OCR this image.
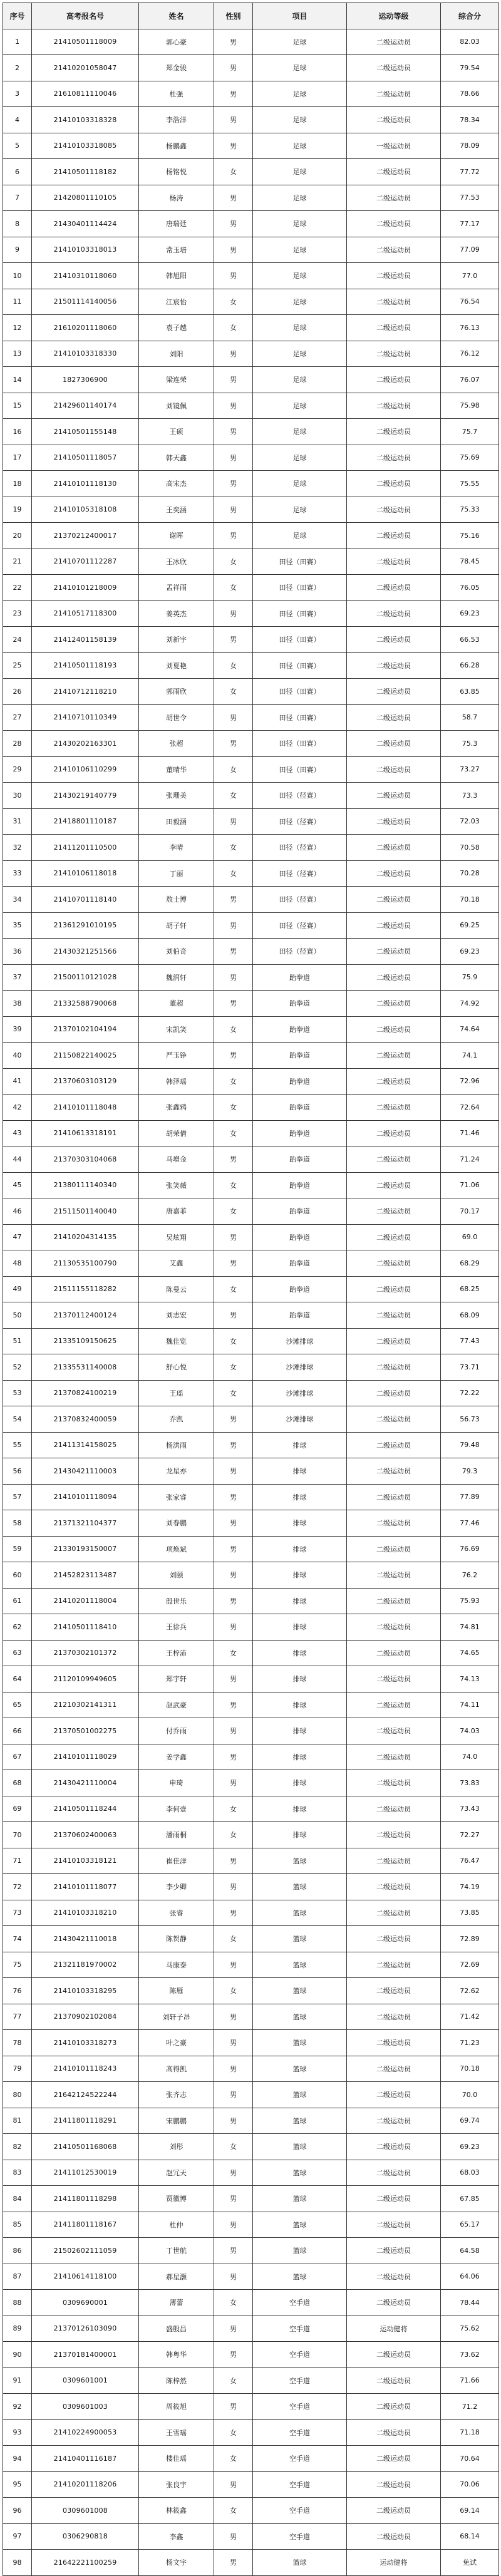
序号	高考报名号	姓名	性别	项目	运动等级	综合分
1	21410501118009	郭心豪	男	足球	二级运动员	82.03
2	21410201058047	郑金骏	男	足球	二级运动员	79.54
3	21610811110046	杜强	男	足球	二级运动员	78.66
4	21410103318328	李浩洋	男	足球	二级运动员	78.34
5	21410103318085	杨鹏鑫	男	足球	一级运动员	78.09
6	21410501118182	杨铭悦	女	足球	二级运动员	77.72
7	21420801110105	杨涛	男	足球	二级运动员	77.53
8	21430401114424	唐瑞廷	男	足球	二级运动员	77.17
9	21410103318013	常玉培	男	足球	二级运动员	77.09
10	21410310118060	韩旭阳	男	足球	二级运动员	77.0
11	21501114140056	江宸怡	女	足球	二级运动员	76.54
12	21610201118060	袁子越	女	足球	二级运动员	76.13
13	21410103318330	刘阳	男	足球	二级运动员	76.12
14	1827306900	梁连荣	男	足球	二级运动员	76.07
15	21429601140174	刘镜佩	男	足球	二级运动员	75.98
16	21410501155148	王硕	男	足球	二级运动员	75.7
17	21410501118057	韩天鑫	男	足球	二级运动员	75.69
18	21410101118130	高宋杰	男	足球	二级运动员	75.55
19	21410105318108	王奕涵	男	足球	二级运动员	75.33
20	21370212400017	谢晖	男	足球	二级运动员	75.16
21	21410701112287	王冰欣	女	田径（田赛）	二级运动员	78.45
22	21410101218009	孟祥雨	女	田径（田赛）	二级运动员	76.05
23	21410517118300	姜英杰	男	田径（田赛）	二级运动员	69.23
24	21412401158139	刘新宇	男	田径（田赛）	二级运动员	66.53
25	21410501118193	刘夏艳	女	田径（田赛）	二级运动员	66.28
26	21410712118210	郭雨欣	女	田径（田赛）	二级运动员	63.85
27	21410710110349	胡世令	男	田径（田赛）	二级运动员	58.7
28	21430202163301	张超	男	田径（田赛）	二级运动员	75.3
29	21410106110299	董晴华	女	田径（田赛）	二级运动员	73.27
30	21430219140779	张珊美	女	田径（径赛）	二级运动员	73.3
31	21418801110187	田毅涵	男	田径（径赛）	二级运动员	72.03
32	21411201110500	李晴	女	田径（径赛）	二级运动员	70.58
33	21410106118018	丁丽	女	田径（径赛）	二级运动员	70.28
34	21410701118140	敖士博	男	田径（径赛）	二级运动员	70.18
35	21361291010195	胡子轩	男	田径（径赛）	二级运动员	69.25
36	21430321251566	刘伯奇	男	田径（径赛）	二级运动员	69.23
37	21500110121028	魏润轩	男	跆拳道	二级运动员	75.9
38	21332588790068	董超	男	跆拳道	二级运动员	74.92
39	21370102104194	宋凯笑	女	跆拳道	二级运动员	74.64
40	21150822140025	严玉铮	男	跆拳道	二级运动员	74.1
41	21370603103129	韩泽瑶	女	跆拳道	二级运动员	72.96
42	21410101118048	张鑫鸦	女	跆拳道	二级运动员	72.64
43	21410613318191	胡荣倩	女	跆拳道	二级运动员	71.46
44	21370303104068	马增金	男	跆拳道	二级运动员	71.24
45	21380111140340	张笑薇	女	跆拳道	二级运动员	71.06
46	21511501140040	唐嘉菲	女	跆拳道	二级运动员	70.17
47	21410204314135	吴炫翔	男	跆拳道	二级运动员	69.0
48	21130535100790	艾鑫	男	跆拳道	二级运动员	68.29
49	21511155118282	陈曼云	女	跆拳道	二级运动员	68.25
50	21370112400124	刘志宏	男	跆拳道	二级运动员	68.09
51	21335109150625	魏佳览	女	沙滩排球	二级运动员	77.43
52	21335531140008	舒心悦	女	沙滩排球	二级运动员	73.71
53	21370824100219	王瑶	女	沙滩排球	二级运动员	72.22
54	21370832400059	乔凯	男	沙滩排球	二级运动员	56.73
55	21411314158025	杨洪雨	男	排球	二级运动员	79.48
56	21430421110003	龙星亦	男	排球	二级运动员	79.3
57	21410101118094	张家睿	男	排球	二级运动员	77.89
58	21371321104377	刘春鹏	男	排球	二级运动员	77.46
59	21330193150007	项焕斌	男	排球	二级运动员	76.69
60	21452823113487	刘颐	男	排球	二级运动员	76.2
61	21410201118004	殷世乐	男	排球	二级运动员	75.93
62	21410501118410	王徐兵	男	排球	二级运动员	74.81
63	21370302101372	王梓沛	女	排球	二级运动员	74.65
64	21120109949605	郑宇轩	男	排球	二级运动员	74.13
65	21210302141311	赵武豪	男	排球	二级运动员	74.11
66	21370501002275	付乔雨	男	排球	二级运动员	74.03
67	21410101118029	姜学鑫	男	排球	二级运动员	74.0
68	21430421110004	申琦	男	排球	二级运动员	73.83
69	21410501118244	李何壹	女	排球	二级运动员	73.43
70	21370602400063	潘雨桐	女	排球	二级运动员	72.27
71	21410103318121	崔佳洋	男	篮球	二级运动员	76.47
72	21410101118077	李少卿	男	篮球	二级运动员	74.19
73	21410103318210	张睿	男	篮球	二级运动员	73.85
74	21430421110018	陈贺静	女	篮球	二级运动员	72.89
75	21321181970002	马康泰	男	篮球	二级运动员	72.69
76	21410103318295	陈雁	女	篮球	二级运动员	72.62
77	21370902102084	刘轩子昂	男	篮球	二级运动员	71.42
78	21410103318273	叶之豪	男	篮球	二级运动员	71.23
79	21410101118243	高得凯	男	篮球	二级运动员	70.18
80	21642124522244	张齐志	男	篮球	二级运动员	70.0
81	21411801118291	宋鹏鹏	男	篮球	二级运动员	69.74
82	21410501168068	刘彤	女	篮球	二级运动员	69.23
83	21411012530019	赵冗天	男	篮球	二级运动员	68.03
84	21411801118298	贾徽博	男	篮球	二级运动员	67.85
85	21411801118167	杜仲	男	篮球	二级运动员	65.17
86	21502602111059	丁世航	男	篮球	二级运动员	64.58
87	21410614118100	郝星灏	男	篮球	二级运动员	64.06
88	0309690001	薄蕾	女	空手道	二级运动员	78.44
89	21370126103090	盛殷昌	男	空手道	运动健将	75.62
90	21370181400001	韩粤华	男	空手道	二级运动员	73.62
91	0309601001	陈梓然	女	空手道	二级运动员	71.66
92	0309601003	周筱旭	男	空手道	二级运动员	71.2
93	21410224900053	王雪瑶	女	空手道	二级运动员	71.18
94	21410401116187	楼佳瑶	女	空手道	二级运动员	70.64
95	21410201118206	张良宇	男	空手道	二级运动员	70.06
96	0309601008	林筱鑫	女	空手道	二级运动员	69.14
97	0306290818	李鑫	男	空手道	二级运动员	68.14
98	21642221100259	杨文宇	男	篮球	运动健将	免试
